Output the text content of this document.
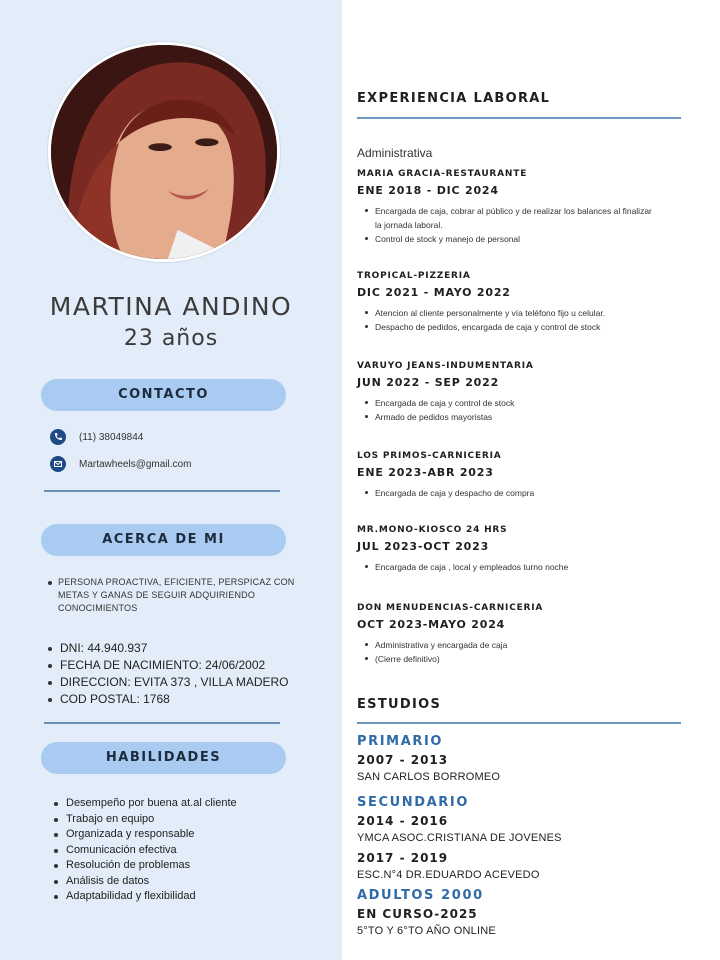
MARTINA ANDINO
23 años
CONTACTO
(11) 38049844
Martawheels@gmail.com
ACERCA DE MI
PERSONA PROACTIVA, EFICIENTE, PERSPICAZ CON METAS Y GANAS DE SEGUIR ADQUIRIENDO CONOCIMIENTOS
DNI: 44.940.937
FECHA DE NACIMIENTO: 24/06/2002
DIRECCION: EVITA 373 , VILLA MADERO
COD POSTAL: 1768
HABILIDADES
Desempeño por buena at.al cliente
Trabajo en equipo
Organizada y responsable
Comunicación efectiva
Resolución de problemas
Análisis de datos
Adaptabilidad y flexibilidad
EXPERIENCIA LABORAL
Administrativa
MARIA GRACIA-RESTAURANTE
ENE 2018 - DIC 2024
Encargada de caja, cobrar al público y de realizar los balances al finalizar la jornada laboral.
Control de stock y manejo de personal
TROPICAL-PIZZERIA
DIC 2021 - MAYO 2022
Atencion al cliente personalmente y vía teléfono fijo u celular.
Despacho de pedidos, encargada de caja y control de stock
VARUYO JEANS-INDUMENTARIA
JUN 2022 - SEP 2022
Encargada de caja y control de stock
Armado de pedidos mayoristas
LOS PRIMOS-CARNICERIA
ENE 2023-ABR 2023
Encargada de caja y despacho de compra
MR.MONO-KIOSCO 24 HRS
JUL 2023-OCT 2023
Encargada de caja , local y empleados turno noche
DON MENUDENCIAS-CARNICERIA
OCT 2023-MAYO 2024
Administrativa y encargada de caja
(Cierre definitivo)
ESTUDIOS
PRIMARIO
2007 - 2013
SAN CARLOS BORROMEO
SECUNDARIO
2014 - 2016
YMCA ASOC.CRISTIANA DE JOVENES
2017 - 2019
ESC.N°4 DR.EDUARDO ACEVEDO
ADULTOS 2000
EN CURSO-2025
5°TO Y 6°TO AÑO ONLINE
